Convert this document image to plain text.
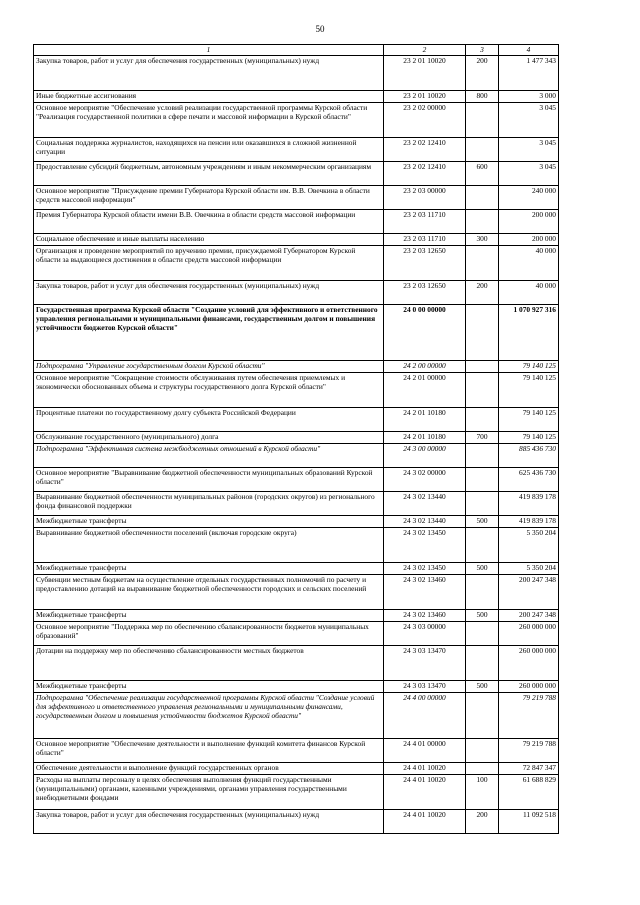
50
1	2	3	4
Закупка товаров, работ и услуг для обеспечения государственных (муниципальных) нужд	23 2 01 10020	200	1 477 343
Иные бюджетные ассигнования	23 2 01 10020	800	3 000
Основное мероприятие "Обеспечение условий реализации государственной программы Курской области "Реализация государственной политики в сфере печати и массовой информации в Курской области"	23 2 02 00000		3 045
Социальная поддержка журналистов, находящихся на пенсии или оказавшихся в сложной жизненной ситуации	23 2 02 12410		3 045
Предоставление субсидий бюджетным, автономным учреждениям и иным некоммерческим организациям	23 2 02 12410	600	3 045
Основное мероприятие "Присуждение премии Губернатора Курской области им. В.В. Овечкина в области средств массовой информации"	23 2 03 00000		240 000
Премия Губернатора Курской области имени В.В. Овечкина в области средств массовой информации	23 2 03 11710		200 000
Социальное обеспечение и иные выплаты населению	23 2 03 11710	300	200 000
Организация и проведение мероприятий по вручению премии, присуждаемой Губернатором Курской области за выдающиеся достижения в области средств массовой информации	23 2 03 12650		40 000
Закупка товаров, работ и услуг для обеспечения государственных (муниципальных) нужд	23 2 03 12650	200	40 000
Государственная программа Курской области "Создание условий для эффективного и ответственного управления региональными и муниципальными финансами, государственным долгом и повышения устойчивости бюджетов Курской области"	24 0 00 00000		1 070 927 316
Подпрограмма "Управление государственным долгом Курской области"	24 2 00 00000		79 140 125
Основное мероприятие "Сокращение стоимости обслуживания путем обеспечения приемлемых и экономически обоснованных объема и структуры государственного долга Курской области"	24 2 01 00000		79 140 125
Процентные платежи по государственному долгу субъекта Российской Федерации	24 2 01 10180		79 140 125
Обслуживание государственного (муниципального) долга	24 2 01 10180	700	79 140 125
Подпрограмма "Эффективная система межбюджетных отношений в Курской области"	24 3 00 00000		885 436 730
Основное мероприятие "Выравнивание бюджетной обеспеченности муниципальных образований Курской области"	24 3 02 00000		625 436 730
Выравнивание бюджетной обеспеченности муниципальных районов (городских округов) из регионального фонда финансовой поддержки	24 3 02 13440		419 839 178
Межбюджетные трансферты	24 3 02 13440	500	419 839 178
Выравнивание бюджетной обеспеченности поселений (включая городские округа)	24 3 02 13450		5 350 204
Межбюджетные трансферты	24 3 02 13450	500	5 350 204
Субвенции местным бюджетам на осуществление отдельных государственных полномочий по расчету и предоставлению дотаций на выравнивание бюджетной обеспеченности городских и сельских поселений	24 3 02 13460		200 247 348
Межбюджетные трансферты	24 3 02 13460	500	200 247 348
Основное мероприятие "Поддержка мер по обеспечению сбалансированности бюджетов муниципальных образований"	24 3 03 00000		260 000 000
Дотации на поддержку мер по обеспечению сбалансированности местных бюджетов	24 3 03 13470		260 000 000
Межбюджетные трансферты	24 3 03 13470	500	260 000 000
Подпрограмма "Обеспечение реализации государственной программы Курской области "Создание условий для эффективного и ответственного управления региональными и муниципальными финансами, государственным долгом и повышения устойчивости бюджетов Курской области"	24 4 00 00000		79 219 788
Основное мероприятие "Обеспечение деятельности и выполнение функций комитета финансов Курской области"	24 4 01 00000		79 219 788
Обеспечение деятельности и выполнение функций государственных органов	24 4 01 10020		72 847 347
Расходы на выплаты персоналу в целях обеспечения выполнения функций государственными (муниципальными) органами, казенными учреждениями, органами управления государственными внебюджетными фондами	24 4 01 10020	100	61 688 829
Закупка товаров, работ и услуг для обеспечения государственных (муниципальных) нужд	24 4 01 10020	200	11 092 518
